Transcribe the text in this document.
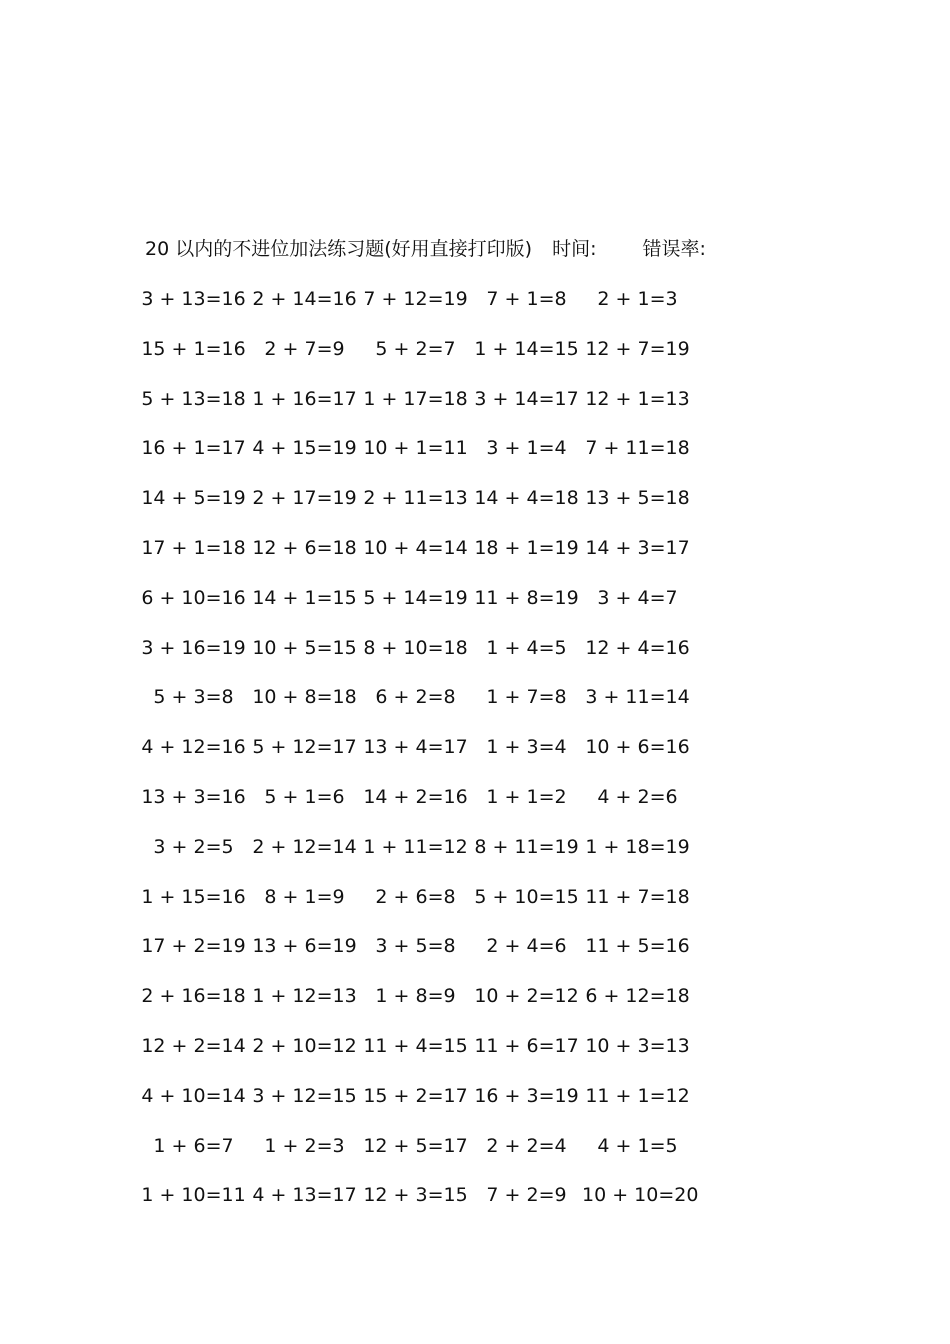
20 以内的不进位加法练习题(好用直接打印版) 时间: 错误率:
3 + 13=16 2 + 14=16 7 + 12=19 7 + 1=8	2 + 1=3
15 + 1=16 2 + 7=9	5 + 2=7 1 + 14=15 12 + 7=19
5 + 13=18 1 + 16=17 1 + 17=18 3 + 14=17 12 + 1=13
16 + 1=17 4 + 15=19 10 + 1=11 3 + 1=4 7 + 11=18
14 + 5=19 2 + 17=19 2 + 11=13 14 + 4=18 13 + 5=18
17 + 1=18 12 + 6=18 10 + 4=14 18 + 1=19 14 + 3=17
6 + 10=16 14 + 1=15 5 + 14=19 11 + 8=19 3 + 4=7
3 + 16=19 10 + 5=15 8 + 10=18 1 + 4=5 12 + 4=16
5 + 3=8 10 + 8=18 6 + 2=8	1 + 7=8 3 + 11=14
4 + 12=16 5 + 12=17 13 + 4=17 1 + 3=4 10 + 6=16
13 + 3=16 5 + 1=6 14 + 2=16 1 + 1=2	4 + 2=6
3 + 2=5 2 + 12=14 1 + 11=12 8 + 11=19 1 + 18=19
1 + 15=16 8 + 1=9	2 + 6=8 5 + 10=15 11 + 7=18
17 + 2=19 13 + 6=19 3 + 5=8	2 + 4=6 11 + 5=16
2 + 16=18 1 + 12=13 1 + 8=9 10 + 2=12 6 + 12=18
12 + 2=14 2 + 10=12 11 + 4=15 11 + 6=17 10 + 3=13
4 + 10=14 3 + 12=15 15 + 2=17 16 + 3=19 11 + 1=12
1 + 6=7	1 + 2=3 12 + 5=17 2 + 2=4	4 + 1=5
1 + 10=11 4 + 13=17 12 + 3=15 7 + 2=9 10 + 10=20
